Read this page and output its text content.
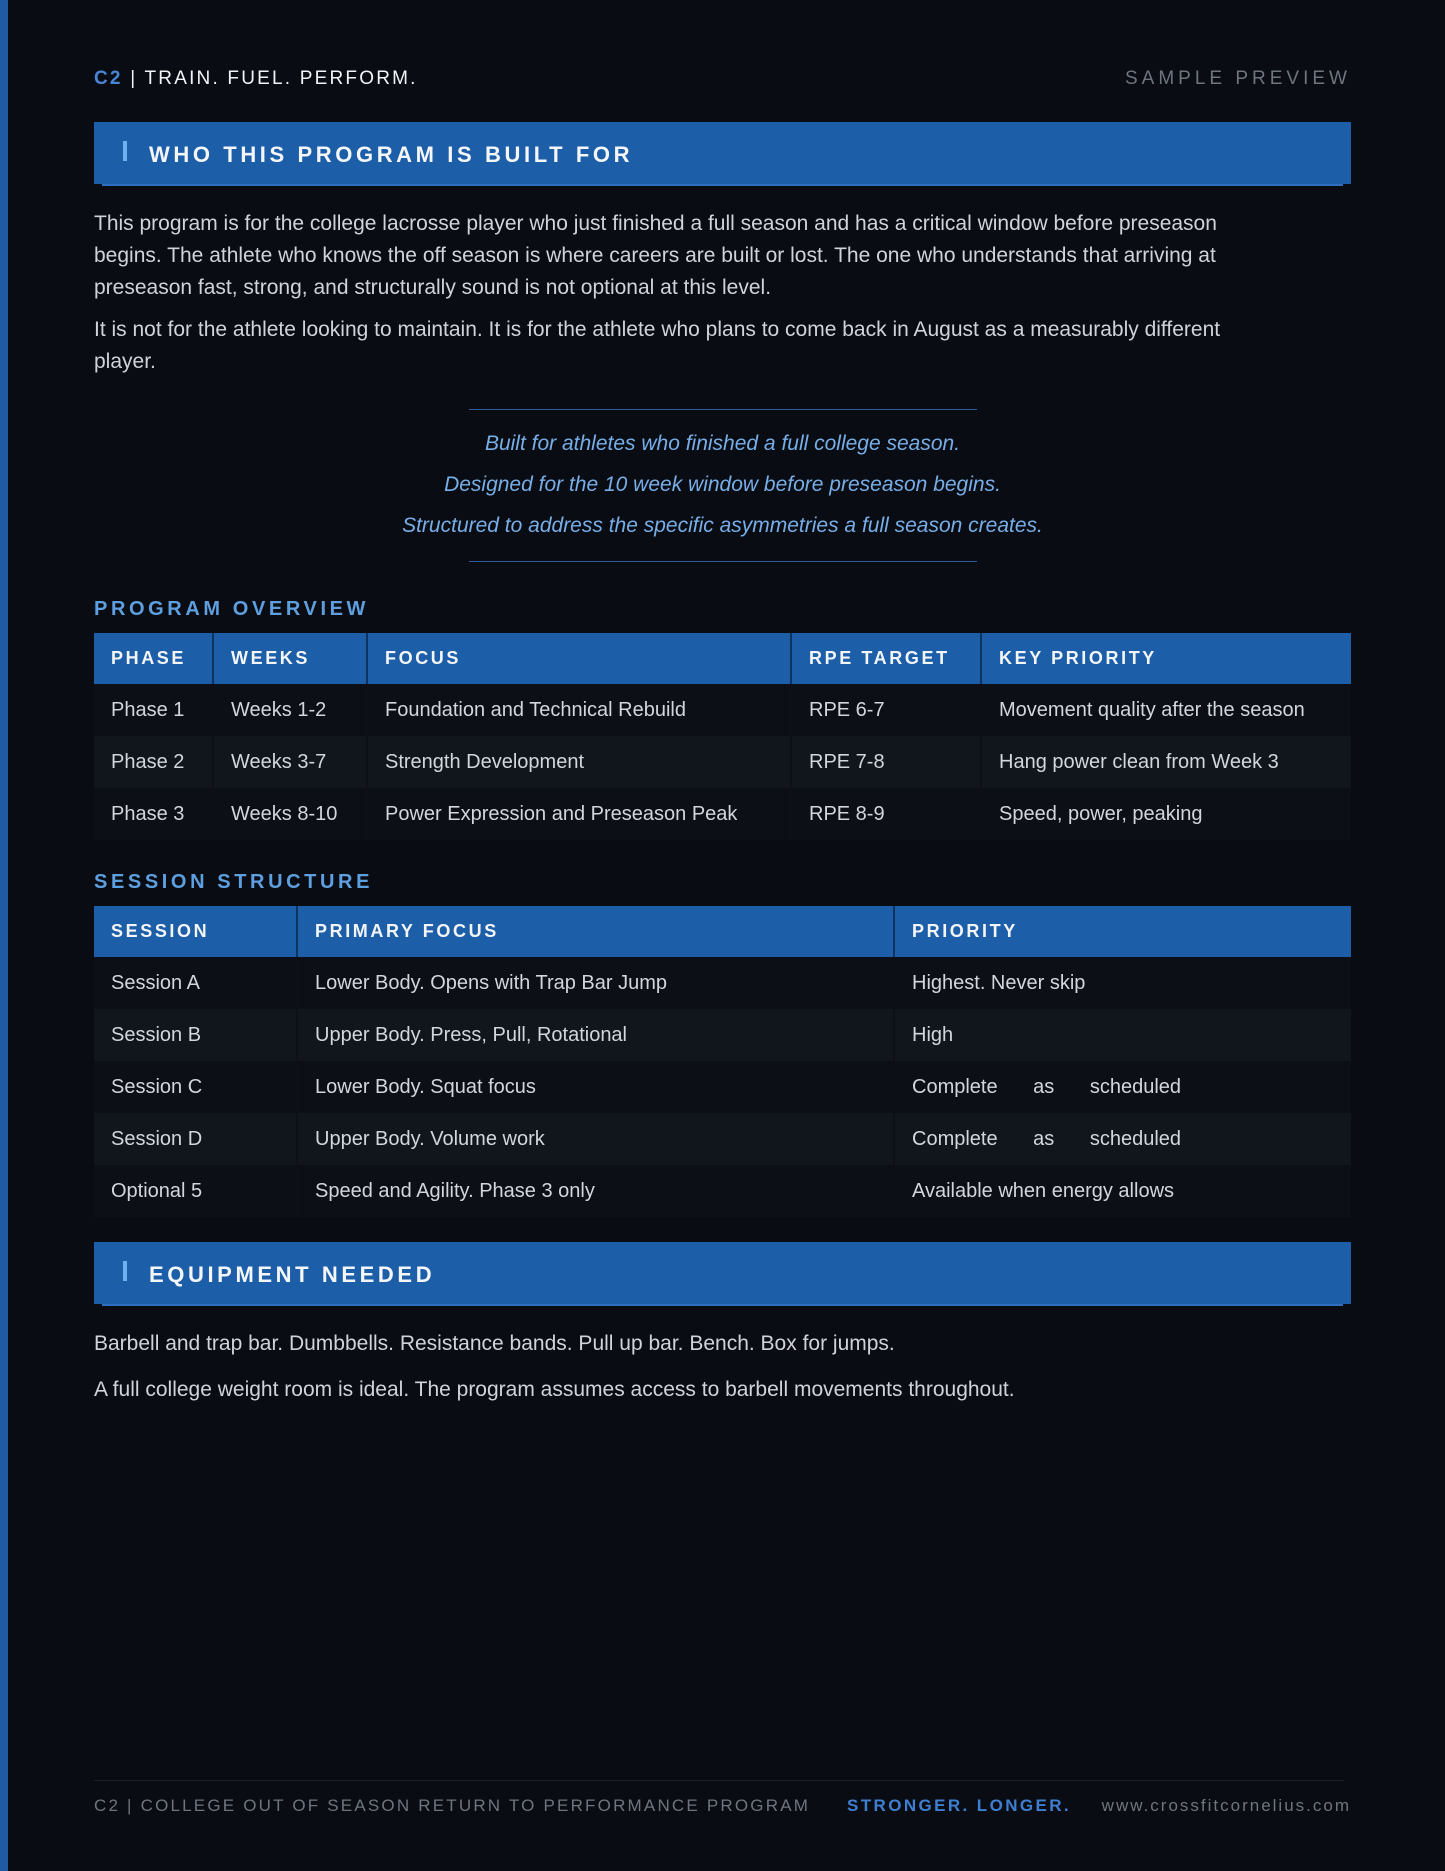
C2 | TRAIN. FUEL. PERFORM.	SAMPLE PREVIEW
WHO THIS PROGRAM IS BUILT FOR

This program is for the college lacrosse player who just finished a full season and has a critical window before preseason begins. The athlete who knows the off season is where careers are built or lost. The one who understands that arriving at preseason fast, strong, and structurally sound is not optional at this level.

It is not for the athlete looking to maintain. It is for the athlete who plans to come back in August as a measurably different player.

Built for athletes who finished a full college season.
Designed for the 10 week window before preseason begins.
Structured to address the specific asymmetries a full season creates.
PROGRAM OVERVIEW
PHASE	WEEKS	FOCUS	RPE TARGET	KEY PRIORITY
Phase 1	Weeks 1-2	Foundation and Technical Rebuild	RPE 6-7	Movement quality after the season
Phase 2	Weeks 3-7	Strength Development	RPE 7-8	Hang power clean from Week 3
Phase 3	Weeks 8-10	Power Expression and Preseason Peak	RPE 8-9	Speed, power, peaking
SESSION STRUCTURE
SESSION	PRIMARY FOCUS	PRIORITY
Session A	Lower Body. Opens with Trap Bar Jump	Highest. Never skip
Session B	Upper Body. Press, Pull, Rotational	High
Session C	Lower Body. Squat focus	Complete as scheduled
Session D	Upper Body. Volume work	Complete as scheduled
Optional 5	Speed and Agility. Phase 3 only	Available when energy allows
EQUIPMENT NEEDED

Barbell and trap bar. Dumbbells. Resistance bands. Pull up bar. Bench. Box for jumps.

A full college weight room is ideal. The program assumes access to barbell movements throughout.

C2 | COLLEGE OUT OF SEASON RETURN TO PERFORMANCE PROGRAM STRONGER. LONGER. www.crossfitcornelius.com
